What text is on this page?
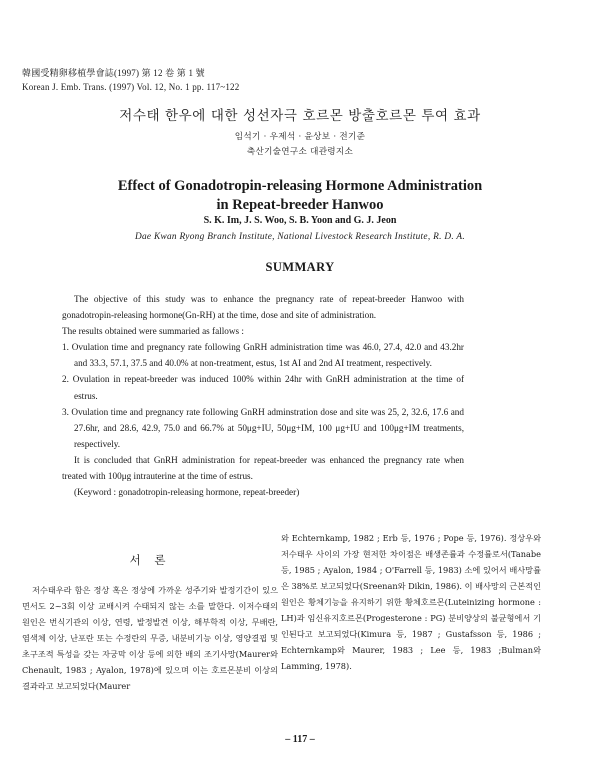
韓國受精卵移植學會誌(1997) 第 12 卷 第 1 號
Korean J. Emb. Trans. (1997) Vol. 12, No. 1 pp. 117~122
저수태 한우에 대한 성선자극 호르몬 방출호르몬 투여 효과
임석기 · 우제석 · 윤상보 · 전기준
축산기술연구소 대관령지소
Effect of Gonadotropin-releasing Hormone Administration
in Repeat-breeder Hanwoo
S. K. Im, J. S. Woo, S. B. Yoon and G. J. Jeon
Dae Kwan Ryong Branch Institute, National Livestock Research Institute, R. D. A.
SUMMARY

The objective of this study was to enhance the pregnancy rate of repeat-breeder Hanwoo with gonadotropin-releasing hormone(Gn-RH) at the time, dose and site of administration.

The results obtained were summaried as fallows :

1. Ovulation time and pregnancy rate following GnRH administration time was 46.0, 27.4, 42.0 and 43.2hr and 33.3, 57.1, 37.5 and 40.0% at non-treatment, estus, 1st AI and 2nd AI treatment, respectively.

2. Ovulation in repeat-breeder was induced 100% within 24hr with GnRH administration at the time of estrus.

3. Ovulation time and pregnancy rate following GnRH adminstration dose and site was 25, 2, 32.6, 17.6 and 27.6hr, and 28.6, 42.9, 75.0 and 66.7% at 50μg+IU, 50μg+IM, 100 μg+IU and 100μg+IM treatments, respectively.

It is concluded that GnRH administration for repeat-breeder was enhanced the pregnancy rate when treated with 100μg intrauterine at the time of estrus.

(Keyword : gonadotropin-releasing hormone, repeat-breeder)

서 론

저수태우라 함은 정상 혹은 정상에 가까운 성주기와 발정기간이 있으면서도 2~3회 이상 교배시켜 수태되지 않는 소를 말한다. 이저수태의 원인은 번식기관의 이상, 연령, 발정발견 이상, 해부학적 이상, 무배란, 염색체 이상, 난포란 또는 수정란의 무증, 내분비기능 이상, 영양결핍 및 초구조적 특성을 갖는 자궁막 이상 등에 의한 배의 조기사망(Maurer와 Chenault, 1983 ; Ayalon, 1978)에 있으며 이는 호르몬분비 이상의 결과라고 보고되었다(Maurer

와 Echternkamp, 1982 ; Erb 등, 1976 ; Pope 등, 1976). 정상우와 저수태우 사이의 가장 현저한 차이점은 배생존률과 수정률로서(Tanabe 등, 1985 ; Ayalon, 1984 ; O'Farrell 등, 1983) 소에 있어서 배사망률은 38%로 보고되었다(Sreenan와 Dikin, 1986). 이 배사망의 근본적인 원인은 황체기능을 유지하기 위한 황체호르몬(Luteinizing hormone : LH)과 임신유지호르몬(Progesterone : PG) 분비양상의 불균형에서 기인된다고 보고되었다(Kimura 등, 1987 ; Gustafsson 등, 1986 ; Echternkamp와 Maurer, 1983 ; Lee 등, 1983 ;Bulman와 Lamming, 1978).

– 117 –
